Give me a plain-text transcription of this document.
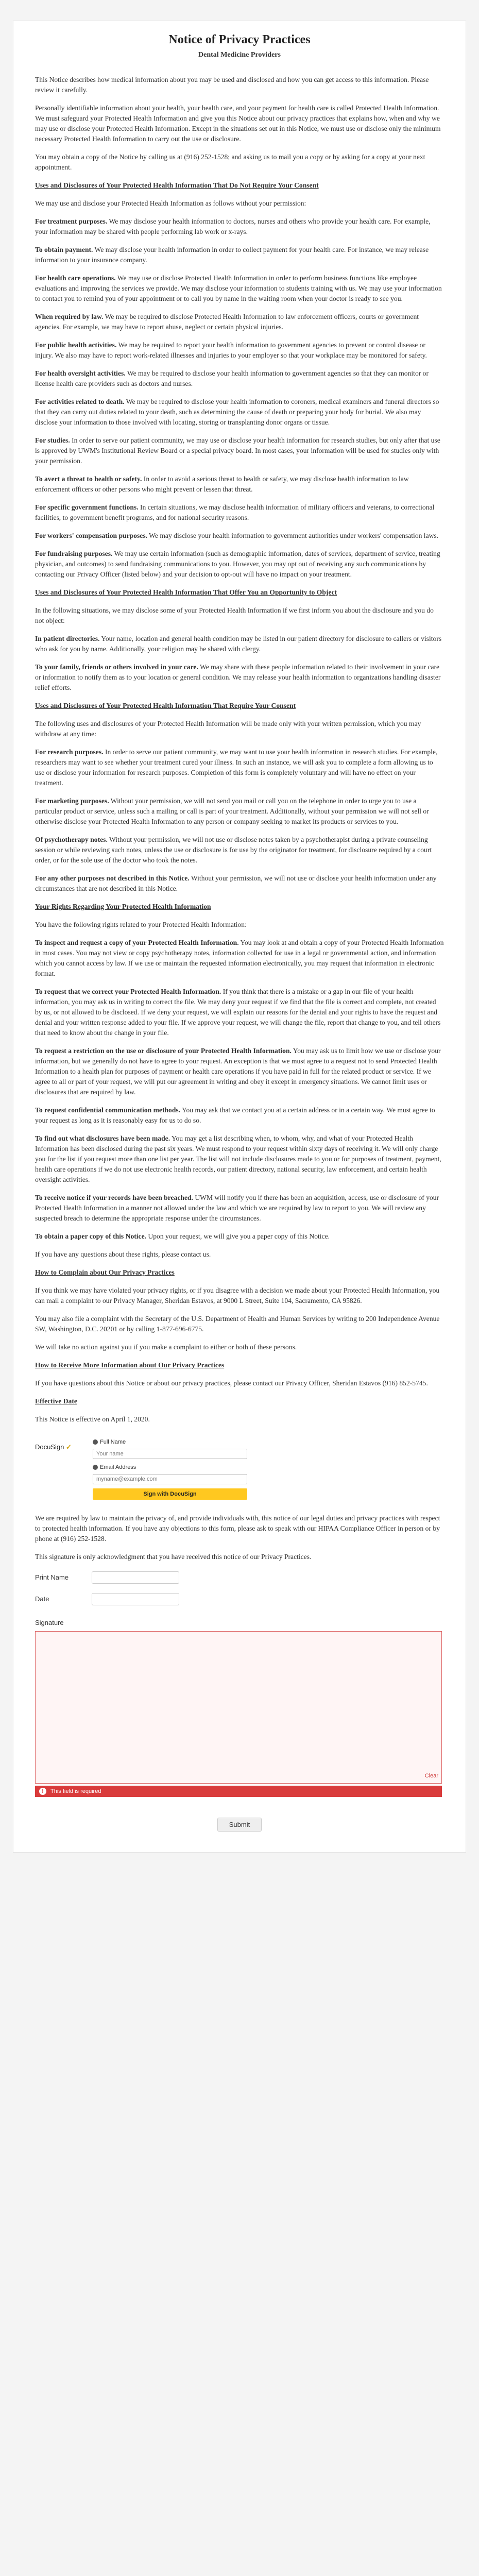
Notice of Privacy Practices
Dental Medicine Providers

This Notice describes how medical information about you may be used and disclosed and how you can get access to this information. Please review it carefully.

Personally identifiable information about your health, your health care, and your payment for health care is called Protected Health Information. We must safeguard your Protected Health Information and give you this Notice about our privacy practices that explains how, when and why we may use or disclose your Protected Health Information. Except in the situations set out in this Notice, we must use or disclose only the minimum necessary Protected Health Information to carry out the use or disclosure.

You may obtain a copy of the Notice by calling us at (916) 252-1528; and asking us to mail you a copy or by asking for a copy at your next appointment.

Uses and Disclosures of Your Protected Health Information That Do Not Require Your Consent

We may use and disclose your Protected Health Information as follows without your permission:

For treatment purposes. We may disclose your health information to doctors, nurses and others who provide your health care. For example, your information may be shared with people performing lab work or x-rays.

To obtain payment. We may disclose your health information in order to collect payment for your health care. For instance, we may release information to your insurance company.

For health care operations. We may use or disclose Protected Health Information in order to perform business functions like employee evaluations and improving the services we provide. We may disclose your information to students training with us. We may use your information to contact you to remind you of your appointment or to call you by name in the waiting room when your doctor is ready to see you.

When required by law. We may be required to disclose Protected Health Information to law enforcement officers, courts or government agencies. For example, we may have to report abuse, neglect or certain physical injuries.

For public health activities. We may be required to report your health information to government agencies to prevent or control disease or injury. We also may have to report work-related illnesses and injuries to your employer so that your workplace may be monitored for safety.

For health oversight activities. We may be required to disclose your health information to government agencies so that they can monitor or license health care providers such as doctors and nurses.

For activities related to death. We may be required to disclose your health information to coroners, medical examiners and funeral directors so that they can carry out duties related to your death, such as determining the cause of death or preparing your body for burial. We also may disclose your information to those involved with locating, storing or transplanting donor organs or tissue.

For studies. In order to serve our patient community, we may use or disclose your health information for research studies, but only after that use is approved by UWM's Institutional Review Board or a special privacy board. In most cases, your information will be used for studies only with your permission.

To avert a threat to health or safety. In order to avoid a serious threat to health or safety, we may disclose health information to law enforcement officers or other persons who might prevent or lessen that threat.

For specific government functions. In certain situations, we may disclose health information of military officers and veterans, to correctional facilities, to government benefit programs, and for national security reasons.

For workers' compensation purposes. We may disclose your health information to government authorities under workers' compensation laws.

For fundraising purposes. We may use certain information (such as demographic information, dates of services, department of service, treating physician, and outcomes) to send fundraising communications to you. However, you may opt out of receiving any such communications by contacting our Privacy Officer (listed below) and your decision to opt-out will have no impact on your treatment.

Uses and Disclosures of Your Protected Health Information That Offer You an Opportunity to Object

In the following situations, we may disclose some of your Protected Health Information if we first inform you about the disclosure and you do not object:

In patient directories. Your name, location and general health condition may be listed in our patient directory for disclosure to callers or visitors who ask for you by name. Additionally, your religion may be shared with clergy.

To your family, friends or others involved in your care. We may share with these people information related to their involvement in your care or information to notify them as to your location or general condition. We may release your health information to organizations handling disaster relief efforts.

Uses and Disclosures of Your Protected Health Information That Require Your Consent

The following uses and disclosures of your Protected Health Information will be made only with your written permission, which you may withdraw at any time:

For research purposes. In order to serve our patient community, we may want to use your health information in research studies. For example, researchers may want to see whether your treatment cured your illness. In such an instance, we will ask you to complete a form allowing us to use or disclose your information for research purposes. Completion of this form is completely voluntary and will have no effect on your treatment.

For marketing purposes. Without your permission, we will not send you mail or call you on the telephone in order to urge you to use a particular product or service, unless such a mailing or call is part of your treatment. Additionally, without your permission we will not sell or otherwise disclose your Protected Health Information to any person or company seeking to market its products or services to you.

Of psychotherapy notes. Without your permission, we will not use or disclose notes taken by a psychotherapist during a private counseling session or while reviewing such notes, unless the use or disclosure is for use by the originator for treatment, for disclosure required by a court order, or for the sole use of the doctor who took the notes.

For any other purposes not described in this Notice. Without your permission, we will not use or disclose your health information under any circumstances that are not described in this Notice.

Your Rights Regarding Your Protected Health Information

You have the following rights related to your Protected Health Information:

To inspect and request a copy of your Protected Health Information. You may look at and obtain a copy of your Protected Health Information in most cases. You may not view or copy psychotherapy notes, information collected for use in a legal or governmental action, and information which you cannot access by law. If we use or maintain the requested information electronically, you may request that information in electronic format.

To request that we correct your Protected Health Information. If you think that there is a mistake or a gap in our file of your health information, you may ask us in writing to correct the file. We may deny your request if we find that the file is correct and complete, not created by us, or not allowed to be disclosed. If we deny your request, we will explain our reasons for the denial and your rights to have the request and denial and your written response added to your file. If we approve your request, we will change the file, report that change to you, and tell others that need to know about the change in your file.

To request a restriction on the use or disclosure of your Protected Health Information. You may ask us to limit how we use or disclose your information, but we generally do not have to agree to your request. An exception is that we must agree to a request not to send Protected Health Information to a health plan for purposes of payment or health care operations if you have paid in full for the related product or service. If we agree to all or part of your request, we will put our agreement in writing and obey it except in emergency situations. We cannot limit uses or disclosures that are required by law.

To request confidential communication methods. You may ask that we contact you at a certain address or in a certain way. We must agree to your request as long as it is reasonably easy for us to do so.

To find out what disclosures have been made. You may get a list describing when, to whom, why, and what of your Protected Health Information has been disclosed during the past six years. We must respond to your request within sixty days of receiving it. We will only charge you for the list if you request more than one list per year. The list will not include disclosures made to you or for purposes of treatment, payment, health care operations if we do not use electronic health records, our patient directory, national security, law enforcement, and certain health oversight activities.

To receive notice if your records have been breached. UWM will notify you if there has been an acquisition, access, use or disclosure of your Protected Health Information in a manner not allowed under the law and which we are required by law to report to you. We will review any suspected breach to determine the appropriate response under the circumstances.

To obtain a paper copy of this Notice. Upon your request, we will give you a paper copy of this Notice.

If you have any questions about these rights, please contact us.

How to Complain about Our Privacy Practices

If you think we may have violated your privacy rights, or if you disagree with a decision we made about your Protected Health Information, you can mail a complaint to our Privacy Manager, Sheridan Estavos, at 9000 L Street, Suite 104, Sacramento, CA 95826.

You may also file a complaint with the Secretary of the U.S. Department of Health and Human Services by writing to 200 Independence Avenue SW, Washington, D.C. 20201 or by calling 1-877-696-6775.

We will take no action against you if you make a complaint to either or both of these persons.

How to Receive More Information about Our Privacy Practices

If you have questions about this Notice or about our privacy practices, please contact our Privacy Officer, Sheridan Estavos (916) 852-5745.

Effective Date

This Notice is effective on April 1, 2020.

DocuSign ✓
Full Name
Your name
Email Address
myname@example.com Sign with DocuSign

We are required by law to maintain the privacy of, and provide individuals with, this notice of our legal duties and privacy practices with respect to protected health information. If you have any objections to this form, please ask to speak with our HIPAA Compliance Officer in person or by phone at (916) 252-1528.

This signature is only acknowledgment that you have received this notice of our Privacy Practices.

Print Name
Date
Signature
Clear
!	This field is required
Submit
